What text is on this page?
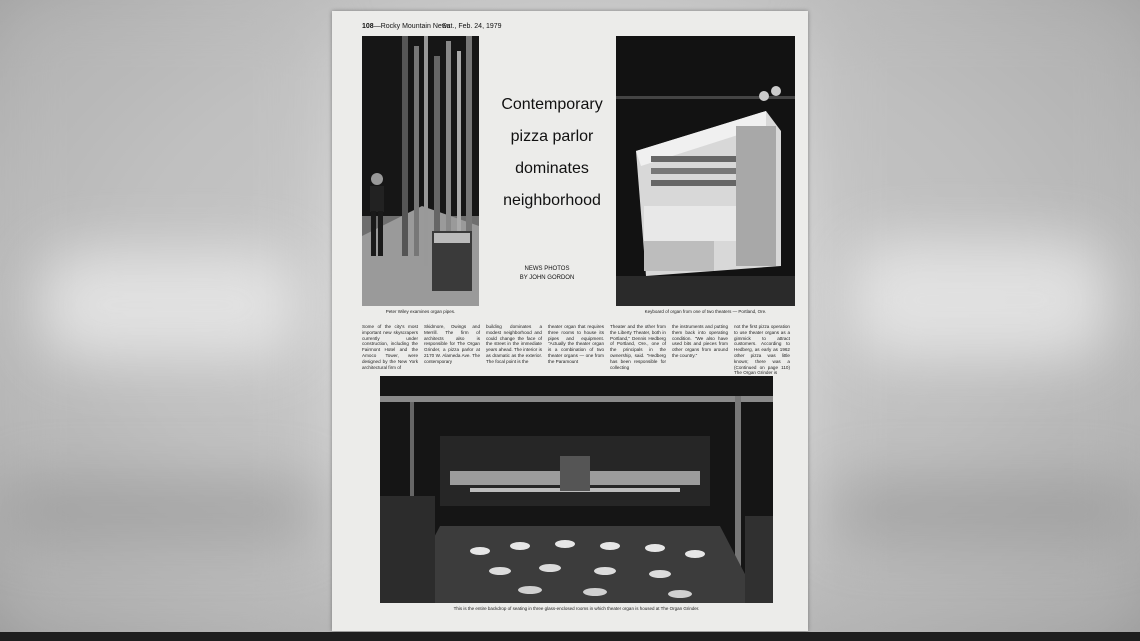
108—Rocky Mountain News
Sat., Feb. 24, 1979
Peter Wiley examines organ pipes.
Contemporary
pizza parlor
dominates
neighborhood
NEWS PHOTOS
BY JOHN GORDON
Keyboard of organ from one of two theaters — Portland, Ore.
Some of the city's most important new skyscrapers currently under construction, including the Fairmont Hotel and the Amoco Tower, were designed by the New York architectural firm of
Skidmore, Owings and Merrill. The firm of architects also is responsible for The Organ Grinder, a pizza parlor at 2170 W. Alameda Ave. The contemporary
building dominates a modest neighborhood and could change the face of the street in the immediate years ahead. The interior is as dramatic as the exterior. The focal point is the
theater organ that requires three rooms to house its pipes and equipment. "Actually the theater organ is a combination of two theater organs — one from the Paramount
Theater and the other from the Liberty Theater, both in Portland," Dennis Hedberg of Portland, Ore., one of the principals in the ownership, said. "Hedberg has been responsible for collecting
the instruments and putting them back into operating condition. "We also have used bits and pieces from other organs from around the country."
not the first pizza operation to use theater organs as a gimmick to attract customers. According to Hedberg, as early as 1962 other pizza was little known; there was a (Continued on page 110) The Organ Grinder is
This is the entire backdrop of seating in three glass-enclosed rooms in which theater organ is housed at The Organ Grinder.
